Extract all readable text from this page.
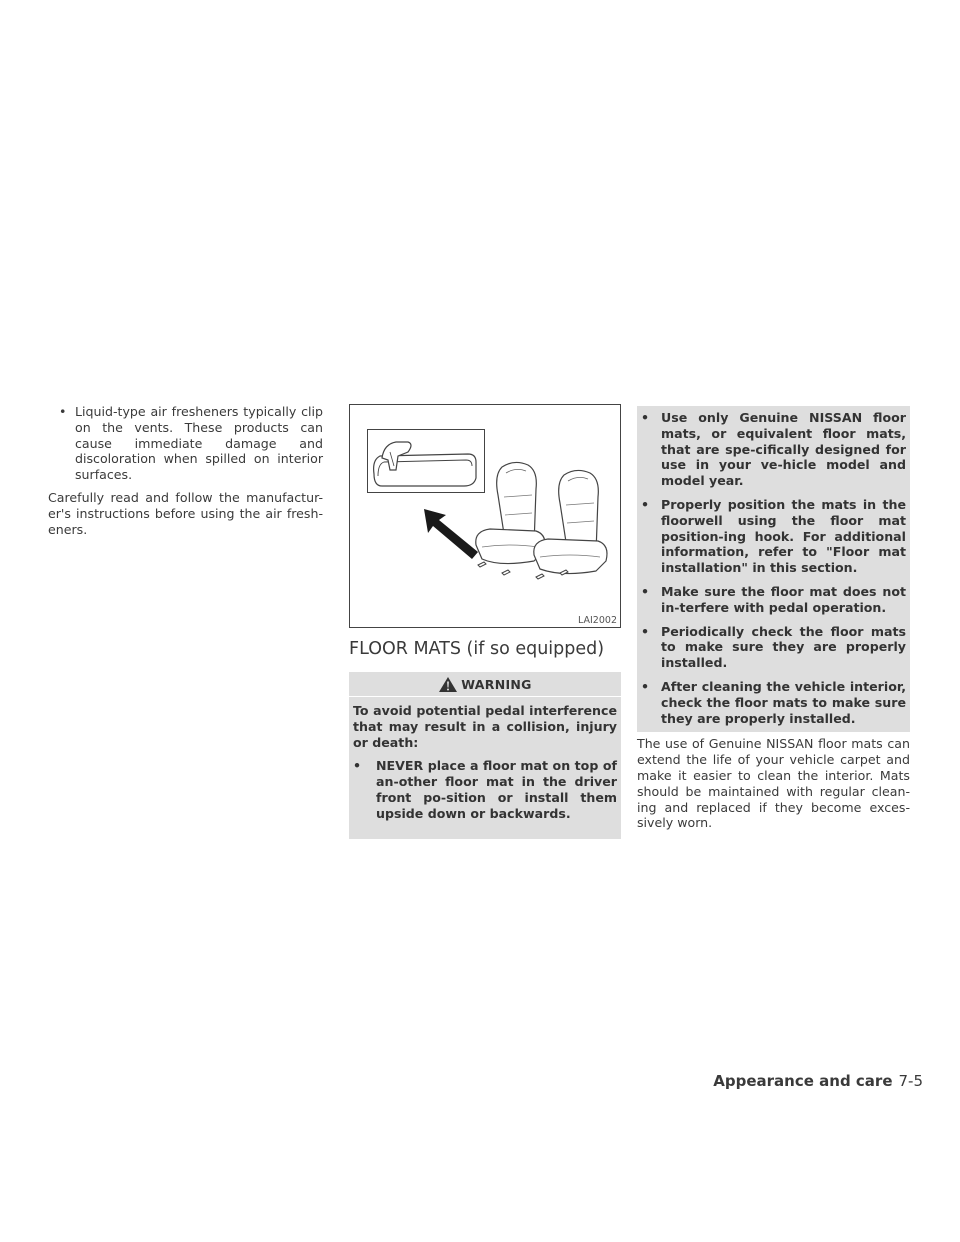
• Liquid-type air fresheners typically clip on the vents. These products can cause immediate damage and discoloration when spilled on interior surfaces.

Carefully read and follow the manufactur-er's instructions before using the air fresh-eners.

LAI2002
FLOOR MATS (if so equipped)
WARNING

To avoid potential pedal interference that may result in a collision, injury or death:

• NEVER place a floor mat on top of an-other floor mat in the driver front po-sition or install them upside down or backwards.
• Use only Genuine NISSAN floor mats, or equivalent floor mats, that are spe-cifically designed for use in your ve-hicle model and model year.
• Properly position the mats in the floorwell using the floor mat position-ing hook. For additional information, refer to "Floor mat installation" in this section.
• Make sure the floor mat does not in-terfere with pedal operation.
• Periodically check the floor mats to make sure they are properly installed.
• After cleaning the vehicle interior, check the floor mats to make sure they are properly installed.

The use of Genuine NISSAN floor mats can extend the life of your vehicle carpet and make it easier to clean the interior. Mats should be maintained with regular clean-ing and replaced if they become exces-sively worn.

Appearance and care 7-5
